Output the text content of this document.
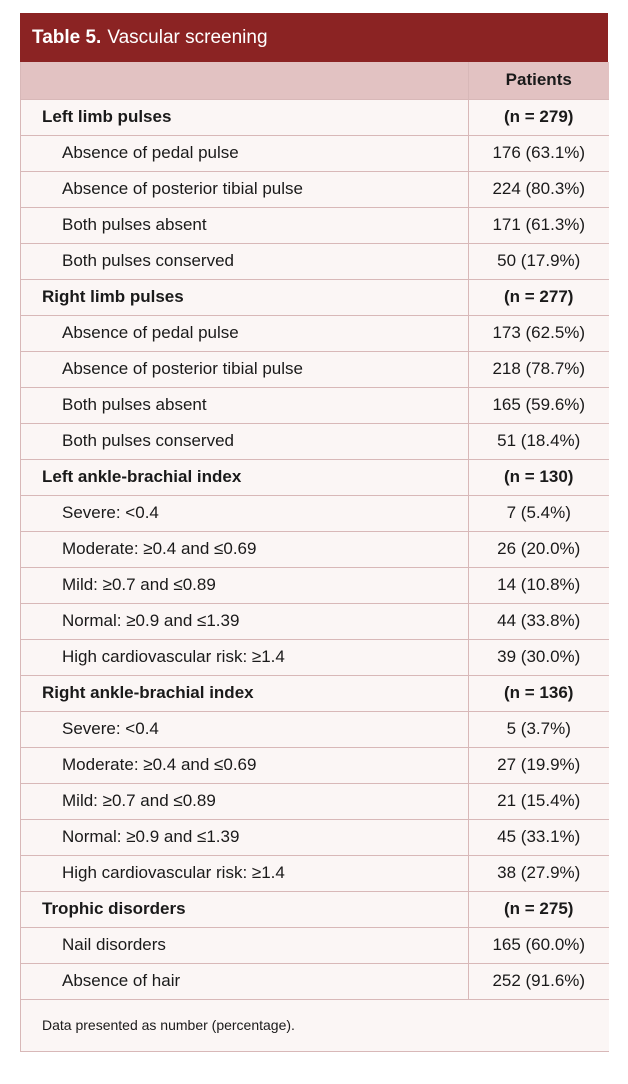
Table 5. Vascular screening
	Patients
Left limb pulses	(n = 279)
Absence of pedal pulse	176 (63.1%)
Absence of posterior tibial pulse	224 (80.3%)
Both pulses absent	171 (61.3%)
Both pulses conserved	50 (17.9%)
Right limb pulses	(n = 277)
Absence of pedal pulse	173 (62.5%)
Absence of posterior tibial pulse	218 (78.7%)
Both pulses absent	165 (59.6%)
Both pulses conserved	51 (18.4%)
Left ankle-brachial index	(n = 130)
Severe: <0.4	7 (5.4%)
Moderate: ≥0.4 and ≤0.69	26 (20.0%)
Mild: ≥0.7 and ≤0.89	14 (10.8%)
Normal: ≥0.9 and ≤1.39	44 (33.8%)
High cardiovascular risk: ≥1.4	39 (30.0%)
Right ankle-brachial index	(n = 136)
Severe: <0.4	5 (3.7%)
Moderate: ≥0.4 and ≤0.69	27 (19.9%)
Mild: ≥0.7 and ≤0.89	21 (15.4%)
Normal: ≥0.9 and ≤1.39	45 (33.1%)
High cardiovascular risk: ≥1.4	38 (27.9%)
Trophic disorders	(n = 275)
Nail disorders	165 (60.0%)
Absence of hair	252 (91.6%)
Data presented as number (percentage).	
